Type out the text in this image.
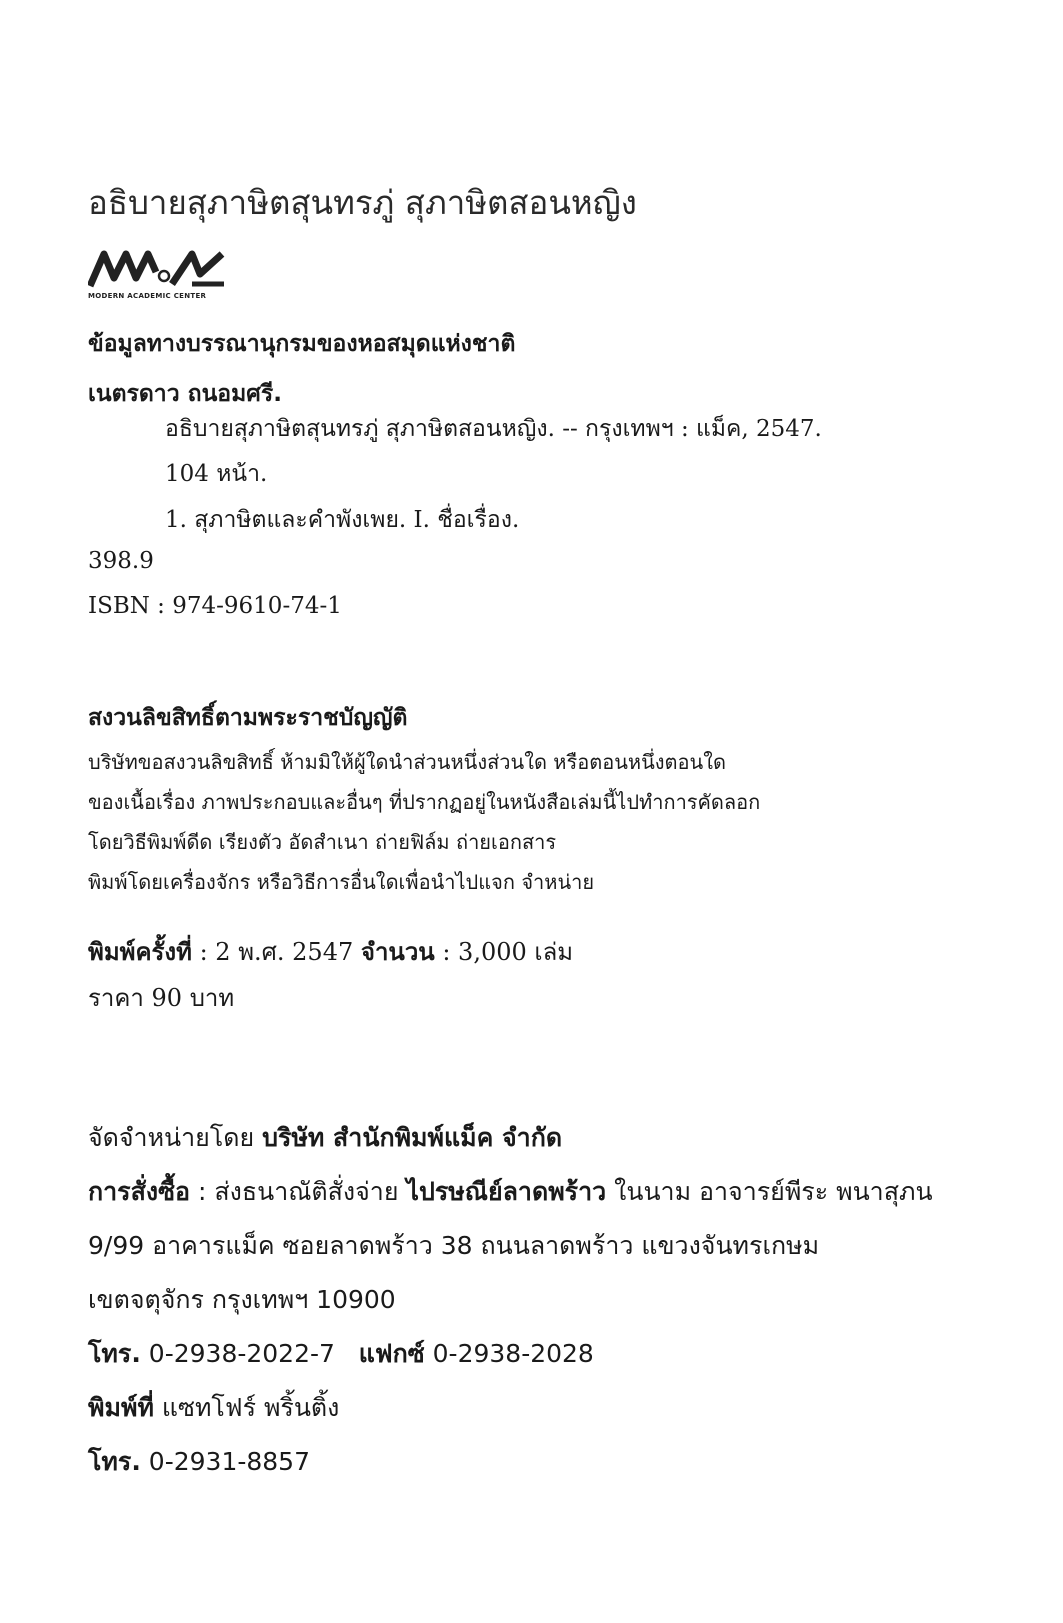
อธิบายสุภาษิตสุนทรภู่ สุภาษิตสอนหญิง
MODERN ACADEMIC CENTER
ข้อมูลทางบรรณานุกรมของหอสมุดแห่งชาติ
เนตรดาว ถนอมศรี.
อธิบายสุภาษิตสุนทรภู่ สุภาษิตสอนหญิง. -- กรุงเทพฯ : แม็ค, 2547.
104 หน้า.
1. สุภาษิตและคำพังเพย. I. ชื่อเรื่อง.
398.9
ISBN : 974-9610-74-1
สงวนลิขสิทธิ์ตามพระราชบัญญัติ
บริษัทขอสงวนลิขสิทธิ์ ห้ามมิให้ผู้ใดนำส่วนหนึ่งส่วนใด หรือตอนหนึ่งตอนใด
ของเนื้อเรื่อง ภาพประกอบและอื่นๆ ที่ปรากฏอยู่ในหนังสือเล่มนี้ไปทำการคัดลอก
โดยวิธีพิมพ์ดีด เรียงตัว อัดสำเนา ถ่ายฟิล์ม ถ่ายเอกสาร
พิมพ์โดยเครื่องจักร หรือวิธีการอื่นใดเพื่อนำไปแจก จำหน่าย
พิมพ์ครั้งที่ : 2 พ.ศ. 2547 จำนวน : 3,000 เล่ม
ราคา 90 บาท
จัดจำหน่ายโดย บริษัท สำนักพิมพ์แม็ค จำกัด
การสั่งซื้อ : ส่งธนาณัติสั่งจ่าย ไปรษณีย์ลาดพร้าว ในนาม อาจารย์พีระ พนาสุภน
9/99 อาคารแม็ค ซอยลาดพร้าว 38 ถนนลาดพร้าว แขวงจันทรเกษม
เขตจตุจักร กรุงเทพฯ 10900
โทร. 0-2938-2022-7 แฟกซ์ 0-2938-2028
พิมพ์ที่ แซทโฟร์ พริ้นติ้ง
โทร. 0-2931-8857
